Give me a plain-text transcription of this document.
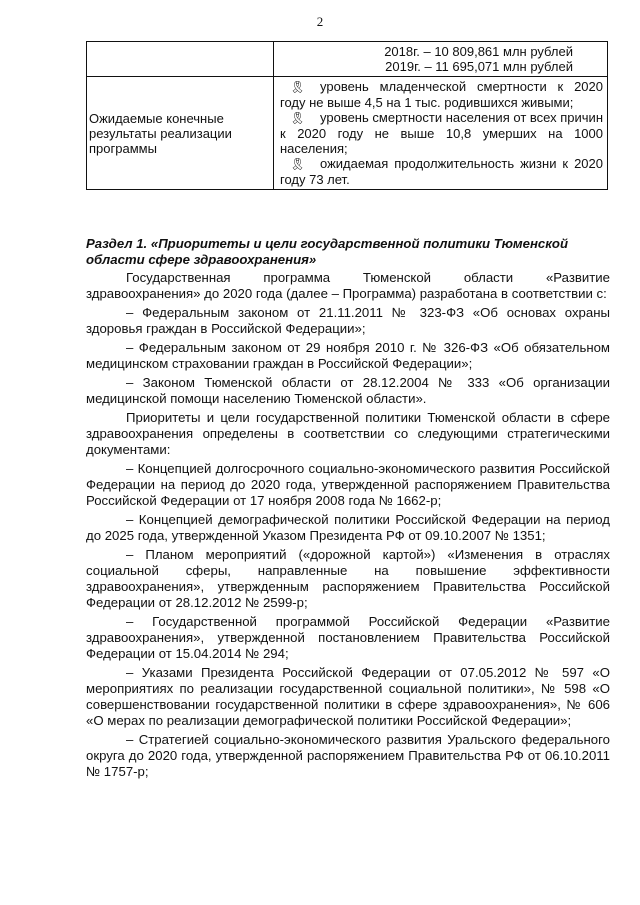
2

	2018г. – 10 809,861 млн рублей
2019г. – 11 695,071 млн рублей

Ожидаемые конечные результаты реализации программы	🎗 уровень младенческой смертности к 2020 году не выше 4,5 на 1 тыс. родившихся живыми;
🎗 уровень смертности населения от всех причин к 2020 году не выше 10,8 умерших на 1000 населения;
🎗 ожидаемая продолжительность жизни к 2020 году 73 лет.
Раздел 1. «Приоритеты и цели государственной политики Тюменской области сфере здравоохранения»

Государственная программа Тюменской области «Развитие здравоохранения» до 2020 года (далее – Программа) разработана в соответствии с:

– Федеральным законом от 21.11.2011 № 323-ФЗ «Об основах охраны здоровья граждан в Российской Федерации»;

– Федеральным законом от 29 ноября 2010 г. № 326-ФЗ «Об обязательном медицинском страховании граждан в Российской Федерации»;

– Законом Тюменской области от 28.12.2004 № 333 «Об организации медицинской помощи населению Тюменской области».

Приоритеты и цели государственной политики Тюменской области в сфере здравоохранения определены в соответствии со следующими стратегическими документами:

– Концепцией долгосрочного социально-экономического развития Российской Федерации на период до 2020 года, утвержденной распоряжением Правительства Российской Федерации от 17 ноября 2008 года № 1662-р;

– Концепцией демографической политики Российской Федерации на период до 2025 года, утвержденной Указом Президента РФ от 09.10.2007 № 1351;

– Планом мероприятий («дорожной картой») «Изменения в отраслях социальной сферы, направленные на повышение эффективности здравоохранения», утвержденным распоряжением Правительства Российской Федерации от 28.12.2012 № 2599-р;

– Государственной программой Российской Федерации «Развитие здравоохранения», утвержденной постановлением Правительства Российской Федерации от 15.04.2014 № 294;

– Указами Президента Российской Федерации от 07.05.2012 № 597 «О мероприятиях по реализации государственной социальной политики», № 598 «О совершенствовании государственной политики в сфере здравоохранения», № 606 «О мерах по реализации демографической политики Российской Федерации»;

– Стратегией социально-экономического развития Уральского федерального округа до 2020 года, утвержденной распоряжением Правительства РФ от 06.10.2011 № 1757-р;
